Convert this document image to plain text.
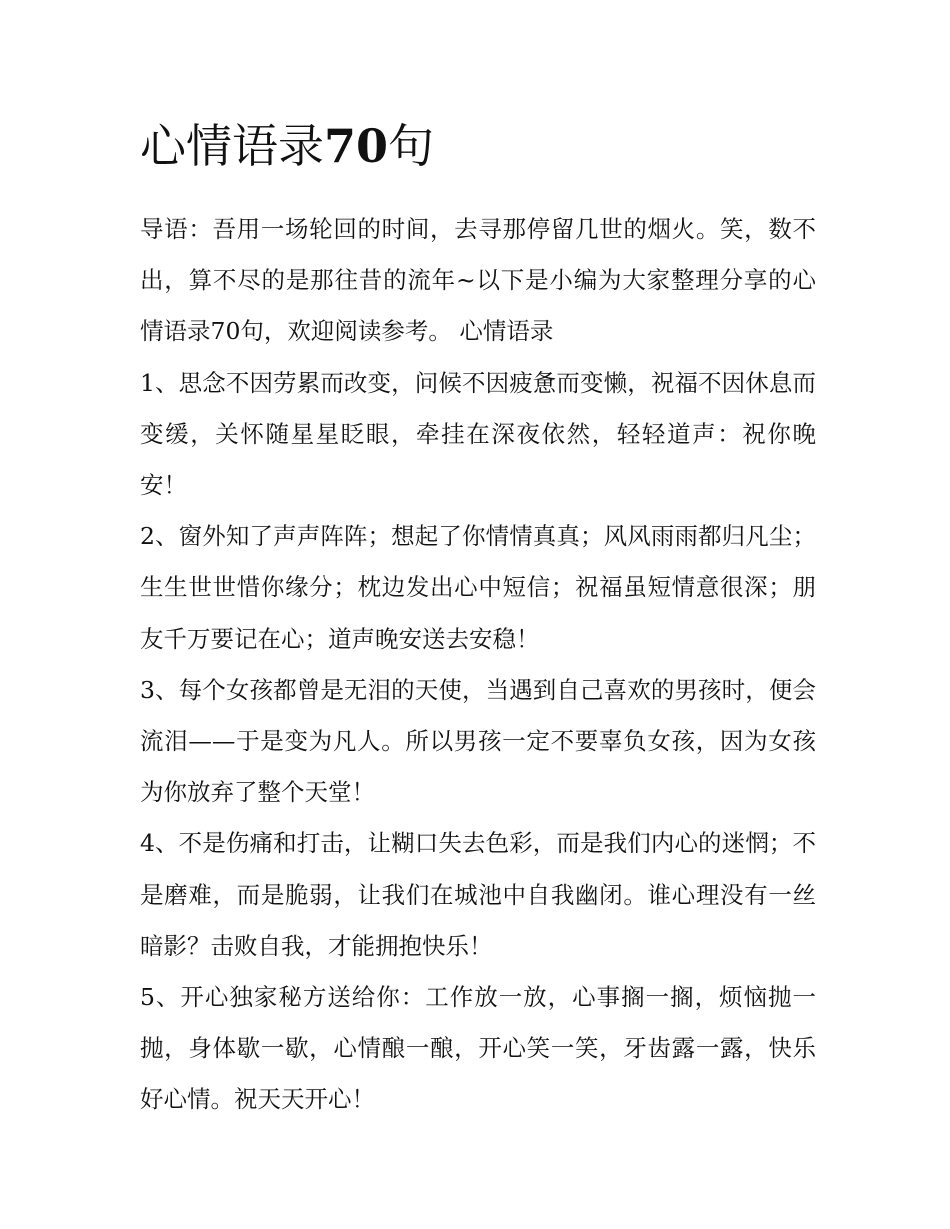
心情语录70句

导语：吾用一场轮回的时间，去寻那停留几世的烟火。笑，数不出，算不尽的是那往昔的流年~以下是小编为大家整理分享的心情语录70句，欢迎阅读参考。 心情语录

1、思念不因劳累而改变，问候不因疲惫而变懒，祝福不因休息而变缓，关怀随星星眨眼，牵挂在深夜依然，轻轻道声：祝你晚安！

2、窗外知了声声阵阵；想起了你情情真真；风风雨雨都归凡尘；生生世世惜你缘分；枕边发出心中短信；祝福虽短情意很深；朋友千万要记在心；道声晚安送去安稳！

3、每个女孩都曾是无泪的天使，当遇到自己喜欢的男孩时，便会流泪——于是变为凡人。所以男孩一定不要辜负女孩，因为女孩为你放弃了整个天堂！

4、不是伤痛和打击，让糊口失去色彩，而是我们内心的迷惘；不是磨难，而是脆弱，让我们在城池中自我幽闭。谁心理没有一丝暗影？击败自我，才能拥抱快乐！

5、开心独家秘方送给你：工作放一放，心事搁一搁，烦恼抛一抛，身体歇一歇，心情酿一酿，开心笑一笑，牙齿露一露，快乐好心情。祝天天开心！
